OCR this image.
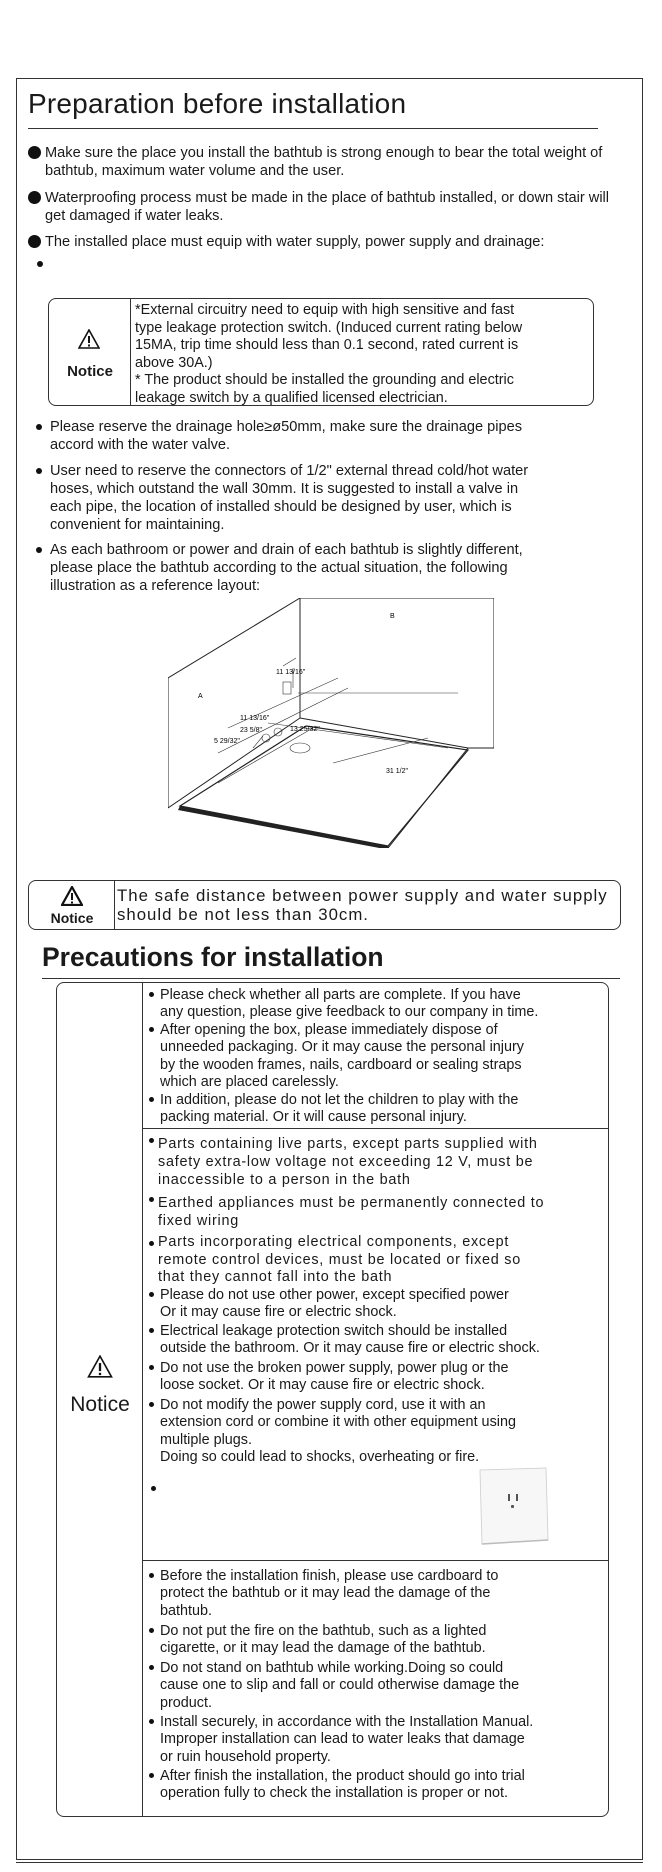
Preparation before installation
Make sure the place you install the bathtub is strong enough to bear the total weight of bathtub, maximum water volume and the user.
Waterproofing process must be made in the place of bathtub installed, or down stair will get damaged if water leaks.
The installed place must equip with water supply, power supply and drainage:
Notice
*External circuitry need to equip with high sensitive and fast
type leakage protection switch. (Induced current rating below
15MA, trip time should less than 0.1 second, rated current is
above 30A.)
* The product should be installed the grounding and electric
leakage switch by a qualified licensed electrician.
Please reserve the drainage hole≥ø50mm, make sure the drainage pipes
accord with the water valve.
User need to reserve the connectors of 1/2" external thread cold/hot water
hoses, which outstand the wall 30mm. It is suggested to install a valve in
each pipe, the location of installed should be designed by user, which is
convenient for maintaining.
As each bathroom or power and drain of each bathtub is slightly different,
please place the bathtub according to the actual situation, the following
illustration as a reference layout:
B
A
11 13/16"
11 13/16"
23 5/8"
5 29/32"
13 25/32"
31 1/2"
Notice
The safe distance between power supply and water supply
should be not less than 30cm.
Precautions for installation
Notice
Please check whether all parts are complete. If you have
any question, please give feedback to our company in time.
After opening the box, please immediately dispose of
unneeded packaging. Or it may cause the personal injury
by the wooden frames, nails, cardboard or sealing straps
which are placed carelessly.
In addition, please do not let the children to play with the
packing material. Or it will cause personal injury.
Parts containing live parts, except parts supplied with
safety extra-low voltage not exceeding 12 V, must be
inaccessible to a person in the bath
Earthed appliances must be permanently connected to
fixed wiring
Parts incorporating electrical components, except
remote control devices, must be located or fixed so
that they cannot fall into the bath
Please do not use other power, except specified power
Or it may cause fire or electric shock.
Electrical leakage protection switch should be installed
outside the bathroom. Or it may cause fire or electric shock.
Do not use the broken power supply, power plug or the
loose socket. Or it may cause fire or electric shock.
Do not modify the power supply cord, use it with an
extension cord or combine it with other equipment using
multiple plugs.
Doing so could lead to shocks, overheating or fire.
Before the installation finish, please use cardboard to
protect the bathtub or it may lead the damage of the
bathtub.
Do not put the fire on the bathtub, such as a lighted
cigarette, or it may lead the damage of the bathtub.
Do not stand on bathtub while working.Doing so could
cause one to slip and fall or could otherwise damage the
product.
Install securely, in accordance with the Installation Manual.
Improper installation can lead to water leaks that damage
or ruin household property.
After finish the installation, the product should go into trial
operation fully to check the installation is proper or not.
